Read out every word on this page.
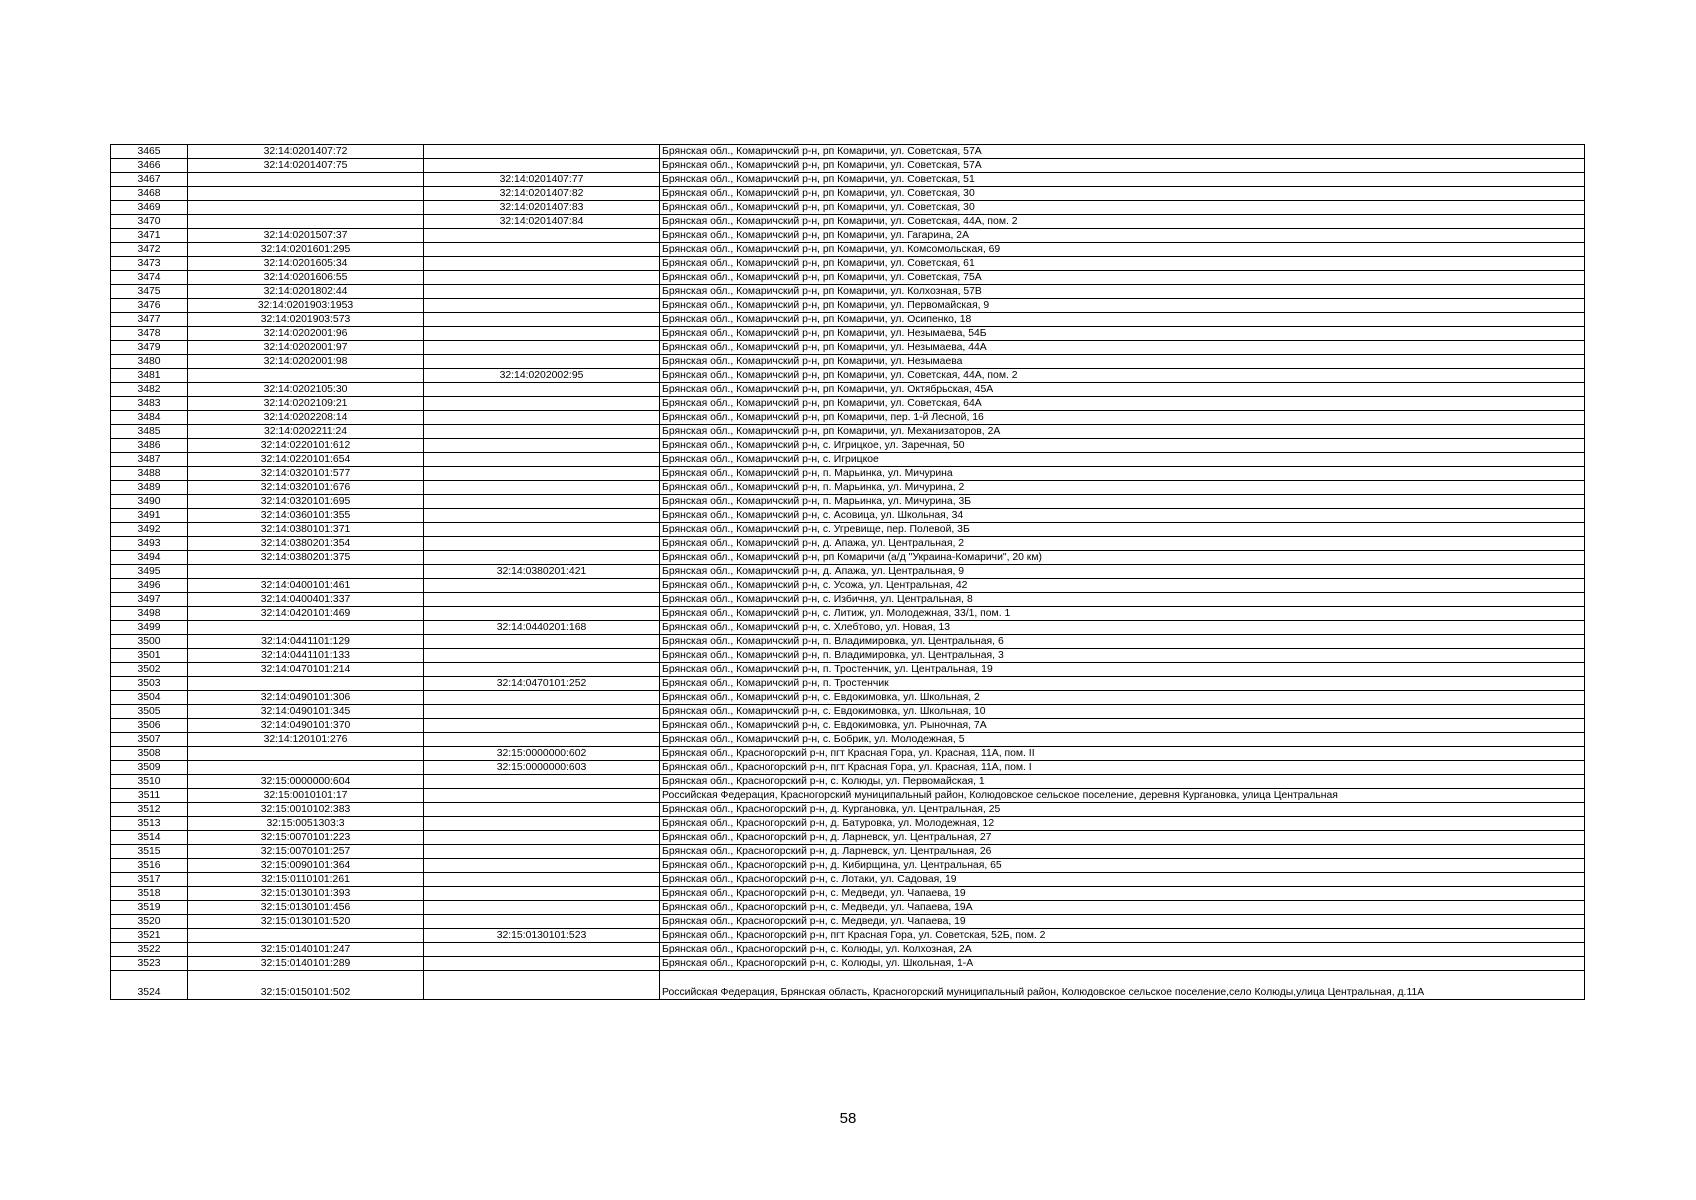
3465	32:14:0201407:72		Брянская обл., Комаричский р-н, рп Комаричи, ул. Советская, 57А
3466	32:14:0201407:75		Брянская обл., Комаричский р-н, рп Комаричи, ул. Советская, 57А
3467		32:14:0201407:77	Брянская обл., Комаричский р-н, рп Комаричи, ул. Советская, 51
3468		32:14:0201407:82	Брянская обл., Комаричский р-н, рп Комаричи, ул. Советская, 30
3469		32:14:0201407:83	Брянская обл., Комаричский р-н, рп Комаричи, ул. Советская, 30
3470		32:14:0201407:84	Брянская обл., Комаричский р-н, рп Комаричи, ул. Советская, 44А, пом. 2
3471	32:14:0201507:37		Брянская обл., Комаричский р-н, рп Комаричи, ул. Гагарина, 2А
3472	32:14:0201601:295		Брянская обл., Комаричский р-н, рп Комаричи, ул. Комсомольская, 69
3473	32:14:0201605:34		Брянская обл., Комаричский р-н, рп Комаричи, ул. Советская, 61
3474	32:14:0201606:55		Брянская обл., Комаричский р-н, рп Комаричи, ул. Советская, 75А
3475	32:14:0201802:44		Брянская обл., Комаричский р-н, рп Комаричи, ул. Колхозная, 57В
3476	32:14:0201903:1953		Брянская обл., Комаричский р-н, рп Комаричи, ул. Первомайская, 9
3477	32:14:0201903:573		Брянская обл., Комаричский р-н, рп Комаричи, ул. Осипенко, 18
3478	32:14:0202001:96		Брянская обл., Комаричский р-н, рп Комаричи, ул. Незымаева, 54Б
3479	32:14:0202001:97		Брянская обл., Комаричский р-н, рп Комаричи, ул. Незымаева, 44А
3480	32:14:0202001:98		Брянская обл., Комаричский р-н, рп Комаричи, ул. Незымаева
3481		32:14:0202002:95	Брянская обл., Комаричский р-н, рп Комаричи, ул. Советская, 44А, пом. 2
3482	32:14:0202105:30		Брянская обл., Комаричский р-н, рп Комаричи, ул. Октябрьская, 45А
3483	32:14:0202109:21		Брянская обл., Комаричский р-н, рп Комаричи, ул. Советская, 64А
3484	32:14:0202208:14		Брянская обл., Комаричский р-н, рп Комаричи, пер. 1-й Лесной, 16
3485	32:14:0202211:24		Брянская обл., Комаричский р-н, рп Комаричи, ул. Механизаторов, 2А
3486	32:14:0220101:612		Брянская обл., Комаричский р-н, с. Игрицкое, ул. Заречная, 50
3487	32:14:0220101:654		Брянская обл., Комаричский р-н, с. Игрицкое
3488	32:14:0320101:577		Брянская обл., Комаричский р-н, п. Марьинка, ул. Мичурина
3489	32:14:0320101:676		Брянская обл., Комаричский р-н, п. Марьинка, ул. Мичурина, 2
3490	32:14:0320101:695		Брянская обл., Комаричский р-н, п. Марьинка, ул. Мичурина, 3Б
3491	32:14:0360101:355		Брянская обл., Комаричский р-н, с. Асовица, ул. Школьная, 34
3492	32:14:0380101:371		Брянская обл., Комаричский р-н, с. Угревище, пер. Полевой, 3Б
3493	32:14:0380201:354		Брянская обл., Комаричский р-н, д. Апажа, ул. Центральная, 2
3494	32:14:0380201:375		Брянская обл., Комаричский р-н, рп Комаричи (а/д "Украина-Комаричи", 20 км)
3495		32:14:0380201:421	Брянская обл., Комаричский р-н, д. Апажа, ул. Центральная, 9
3496	32:14:0400101:461		Брянская обл., Комаричский р-н, с. Усожа, ул. Центральная, 42
3497	32:14:0400401:337		Брянская обл., Комаричский р-н, с. Избичня, ул. Центральная, 8
3498	32:14:0420101:469		Брянская обл., Комаричский р-н, с. Литиж, ул. Молодежная, 33/1, пом. 1
3499		32:14:0440201:168	Брянская обл., Комаричский р-н, с. Хлебтово, ул. Новая, 13
3500	32:14:0441101:129		Брянская обл., Комаричский р-н, п. Владимировка, ул. Центральная, 6
3501	32:14:0441101:133		Брянская обл., Комаричский р-н, п. Владимировка, ул. Центральная, 3
3502	32:14:0470101:214		Брянская обл., Комаричский р-н, п. Тростенчик, ул. Центральная, 19
3503		32:14:0470101:252	Брянская обл., Комаричский р-н, п. Тростенчик
3504	32:14:0490101:306		Брянская обл., Комаричский р-н, с. Евдокимовка, ул. Школьная, 2
3505	32:14:0490101:345		Брянская обл., Комаричский р-н, с. Евдокимовка, ул. Школьная, 10
3506	32:14:0490101:370		Брянская обл., Комаричский р-н, с. Евдокимовка, ул. Рыночная, 7А
3507	32:14:120101:276		Брянская обл., Комаричский р-н, с. Бобрик, ул. Молодежная, 5
3508		32:15:0000000:602	Брянская обл., Красногорский р-н, пгт Красная Гора, ул. Красная, 11А, пом. II
3509		32:15:0000000:603	Брянская обл., Красногорский р-н, пгт Красная Гора, ул. Красная, 11А, пом. I
3510	32:15:0000000:604		Брянская обл., Красногорский р-н, с. Колюды, ул. Первомайская, 1
3511	32:15:0010101:17		Российская Федерация, Красногорский муниципальный район, Колюдовское сельское поселение, деревня Кургановка, улица Центральная
3512	32:15:0010102:383		Брянская обл., Красногорский р-н, д. Кургановка, ул. Центральная, 25
3513	32:15:0051303:3		Брянская обл., Красногорский р-н, д. Батуровка, ул. Молодежная, 12
3514	32:15:0070101:223		Брянская обл., Красногорский р-н, д. Ларневск, ул. Центральная, 27
3515	32:15:0070101:257		Брянская обл., Красногорский р-н, д. Ларневск, ул. Центральная, 26
3516	32:15:0090101:364		Брянская обл., Красногорский р-н, д. Кибирщина, ул. Центральная, 65
3517	32:15:0110101:261		Брянская обл., Красногорский р-н, с. Лотаки, ул. Садовая, 19
3518	32:15:0130101:393		Брянская обл., Красногорский р-н, с. Медведи, ул. Чапаева, 19
3519	32:15:0130101:456		Брянская обл., Красногорский р-н, с. Медведи, ул. Чапаева, 19А
3520	32:15:0130101:520		Брянская обл., Красногорский р-н, с. Медведи, ул. Чапаева, 19
3521		32:15:0130101:523	Брянская обл., Красногорский р-н, пгт Красная Гора, ул. Советская, 52Б, пом. 2
3522	32:15:0140101:247		Брянская обл., Красногорский р-н, с. Колюды, ул. Колхозная, 2А
3523	32:15:0140101:289		Брянская обл., Красногорский р-н, с. Колюды, ул. Школьная, 1-А
3524	32:15:0150101:502		Российская Федерация, Брянская область, Красногорский муниципальный район, Колюдовское сельское поселение,село Колюды,улица Центральная, д.11А
58
